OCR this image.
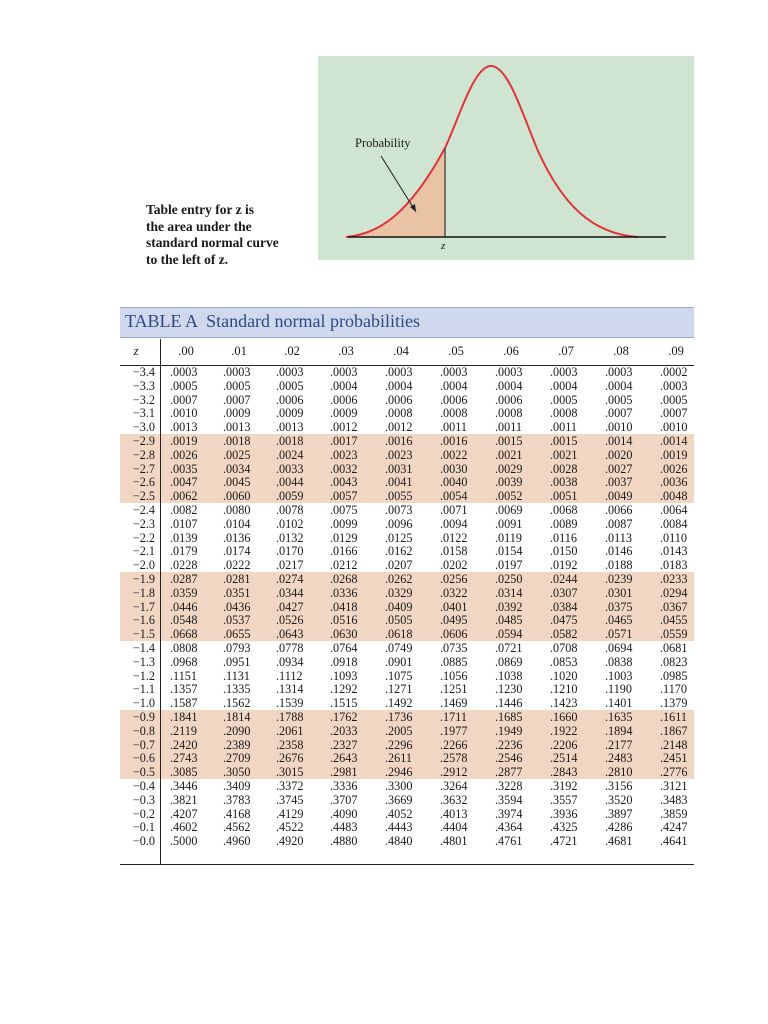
Table entry for z is
the area under the
standard normal curve
to the left of z.
Probability
z
TABLE A Standard normal probabilities
z	.00	.01	.02	.03	.04	.05	.06	.07	.08	.09
−3.4 .0003 .0003 .0003 .0003 .0003 .0003 .0003 .0003 .0003 .0002
−3.3 .0005 .0005 .0005 .0004 .0004 .0004 .0004 .0004 .0004 .0003
−3.2 .0007 .0007 .0006 .0006 .0006 .0006 .0006 .0005 .0005 .0005
−3.1 .0010 .0009 .0009 .0009 .0008 .0008 .0008 .0008 .0007 .0007
−3.0 .0013 .0013 .0013 .0012 .0012 .0011 .0011 .0011 .0010 .0010
−2.9 .0019 .0018 .0018 .0017 .0016 .0016 .0015 .0015 .0014 .0014
−2.8 .0026 .0025 .0024 .0023 .0023 .0022 .0021 .0021 .0020 .0019
−2.7 .0035 .0034 .0033 .0032 .0031 .0030 .0029 .0028 .0027 .0026
−2.6 .0047 .0045 .0044 .0043 .0041 .0040 .0039 .0038 .0037 .0036
−2.5 .0062 .0060 .0059 .0057 .0055 .0054 .0052 .0051 .0049 .0048
−2.4 .0082 .0080 .0078 .0075 .0073 .0071 .0069 .0068 .0066 .0064
−2.3 .0107 .0104 .0102 .0099 .0096 .0094 .0091 .0089 .0087 .0084
−2.2 .0139 .0136 .0132 .0129 .0125 .0122 .0119 .0116 .0113 .0110
−2.1 .0179 .0174 .0170 .0166 .0162 .0158 .0154 .0150 .0146 .0143
−2.0 .0228 .0222 .0217 .0212 .0207 .0202 .0197 .0192 .0188 .0183
−1.9 .0287 .0281 .0274 .0268 .0262 .0256 .0250 .0244 .0239 .0233
−1.8 .0359 .0351 .0344 .0336 .0329 .0322 .0314 .0307 .0301 .0294
−1.7 .0446 .0436 .0427 .0418 .0409 .0401 .0392 .0384 .0375 .0367
−1.6 .0548 .0537 .0526 .0516 .0505 .0495 .0485 .0475 .0465 .0455
−1.5 .0668 .0655 .0643 .0630 .0618 .0606 .0594 .0582 .0571 .0559
−1.4 .0808 .0793 .0778 .0764 .0749 .0735 .0721 .0708 .0694 .0681
−1.3 .0968 .0951 .0934 .0918 .0901 .0885 .0869 .0853 .0838 .0823
−1.2 .1151 .1131 .1112 .1093 .1075 .1056 .1038 .1020 .1003 .0985
−1.1 .1357 .1335 .1314 .1292 .1271 .1251 .1230 .1210 .1190 .1170
−1.0 .1587 .1562 .1539 .1515 .1492 .1469 .1446 .1423 .1401 .1379
−0.9 .1841 .1814 .1788 .1762 .1736 .1711 .1685 .1660 .1635 .1611
−0.8 .2119 .2090 .2061 .2033 .2005 .1977 .1949 .1922 .1894 .1867
−0.7 .2420 .2389 .2358 .2327 .2296 .2266 .2236 .2206 .2177 .2148
−0.6 .2743 .2709 .2676 .2643 .2611 .2578 .2546 .2514 .2483 .2451
−0.5 .3085 .3050 .3015 .2981 .2946 .2912 .2877 .2843 .2810 .2776
−0.4 .3446 .3409 .3372 .3336 .3300 .3264 .3228 .3192 .3156 .3121
−0.3 .3821 .3783 .3745 .3707 .3669 .3632 .3594 .3557 .3520 .3483
−0.2 .4207 .4168 .4129 .4090 .4052 .4013 .3974 .3936 .3897 .3859
−0.1 .4602 .4562 .4522 .4483 .4443 .4404 .4364 .4325 .4286 .4247
−0.0 .5000 .4960 .4920 .4880 .4840 .4801 .4761 .4721 .4681 .4641
